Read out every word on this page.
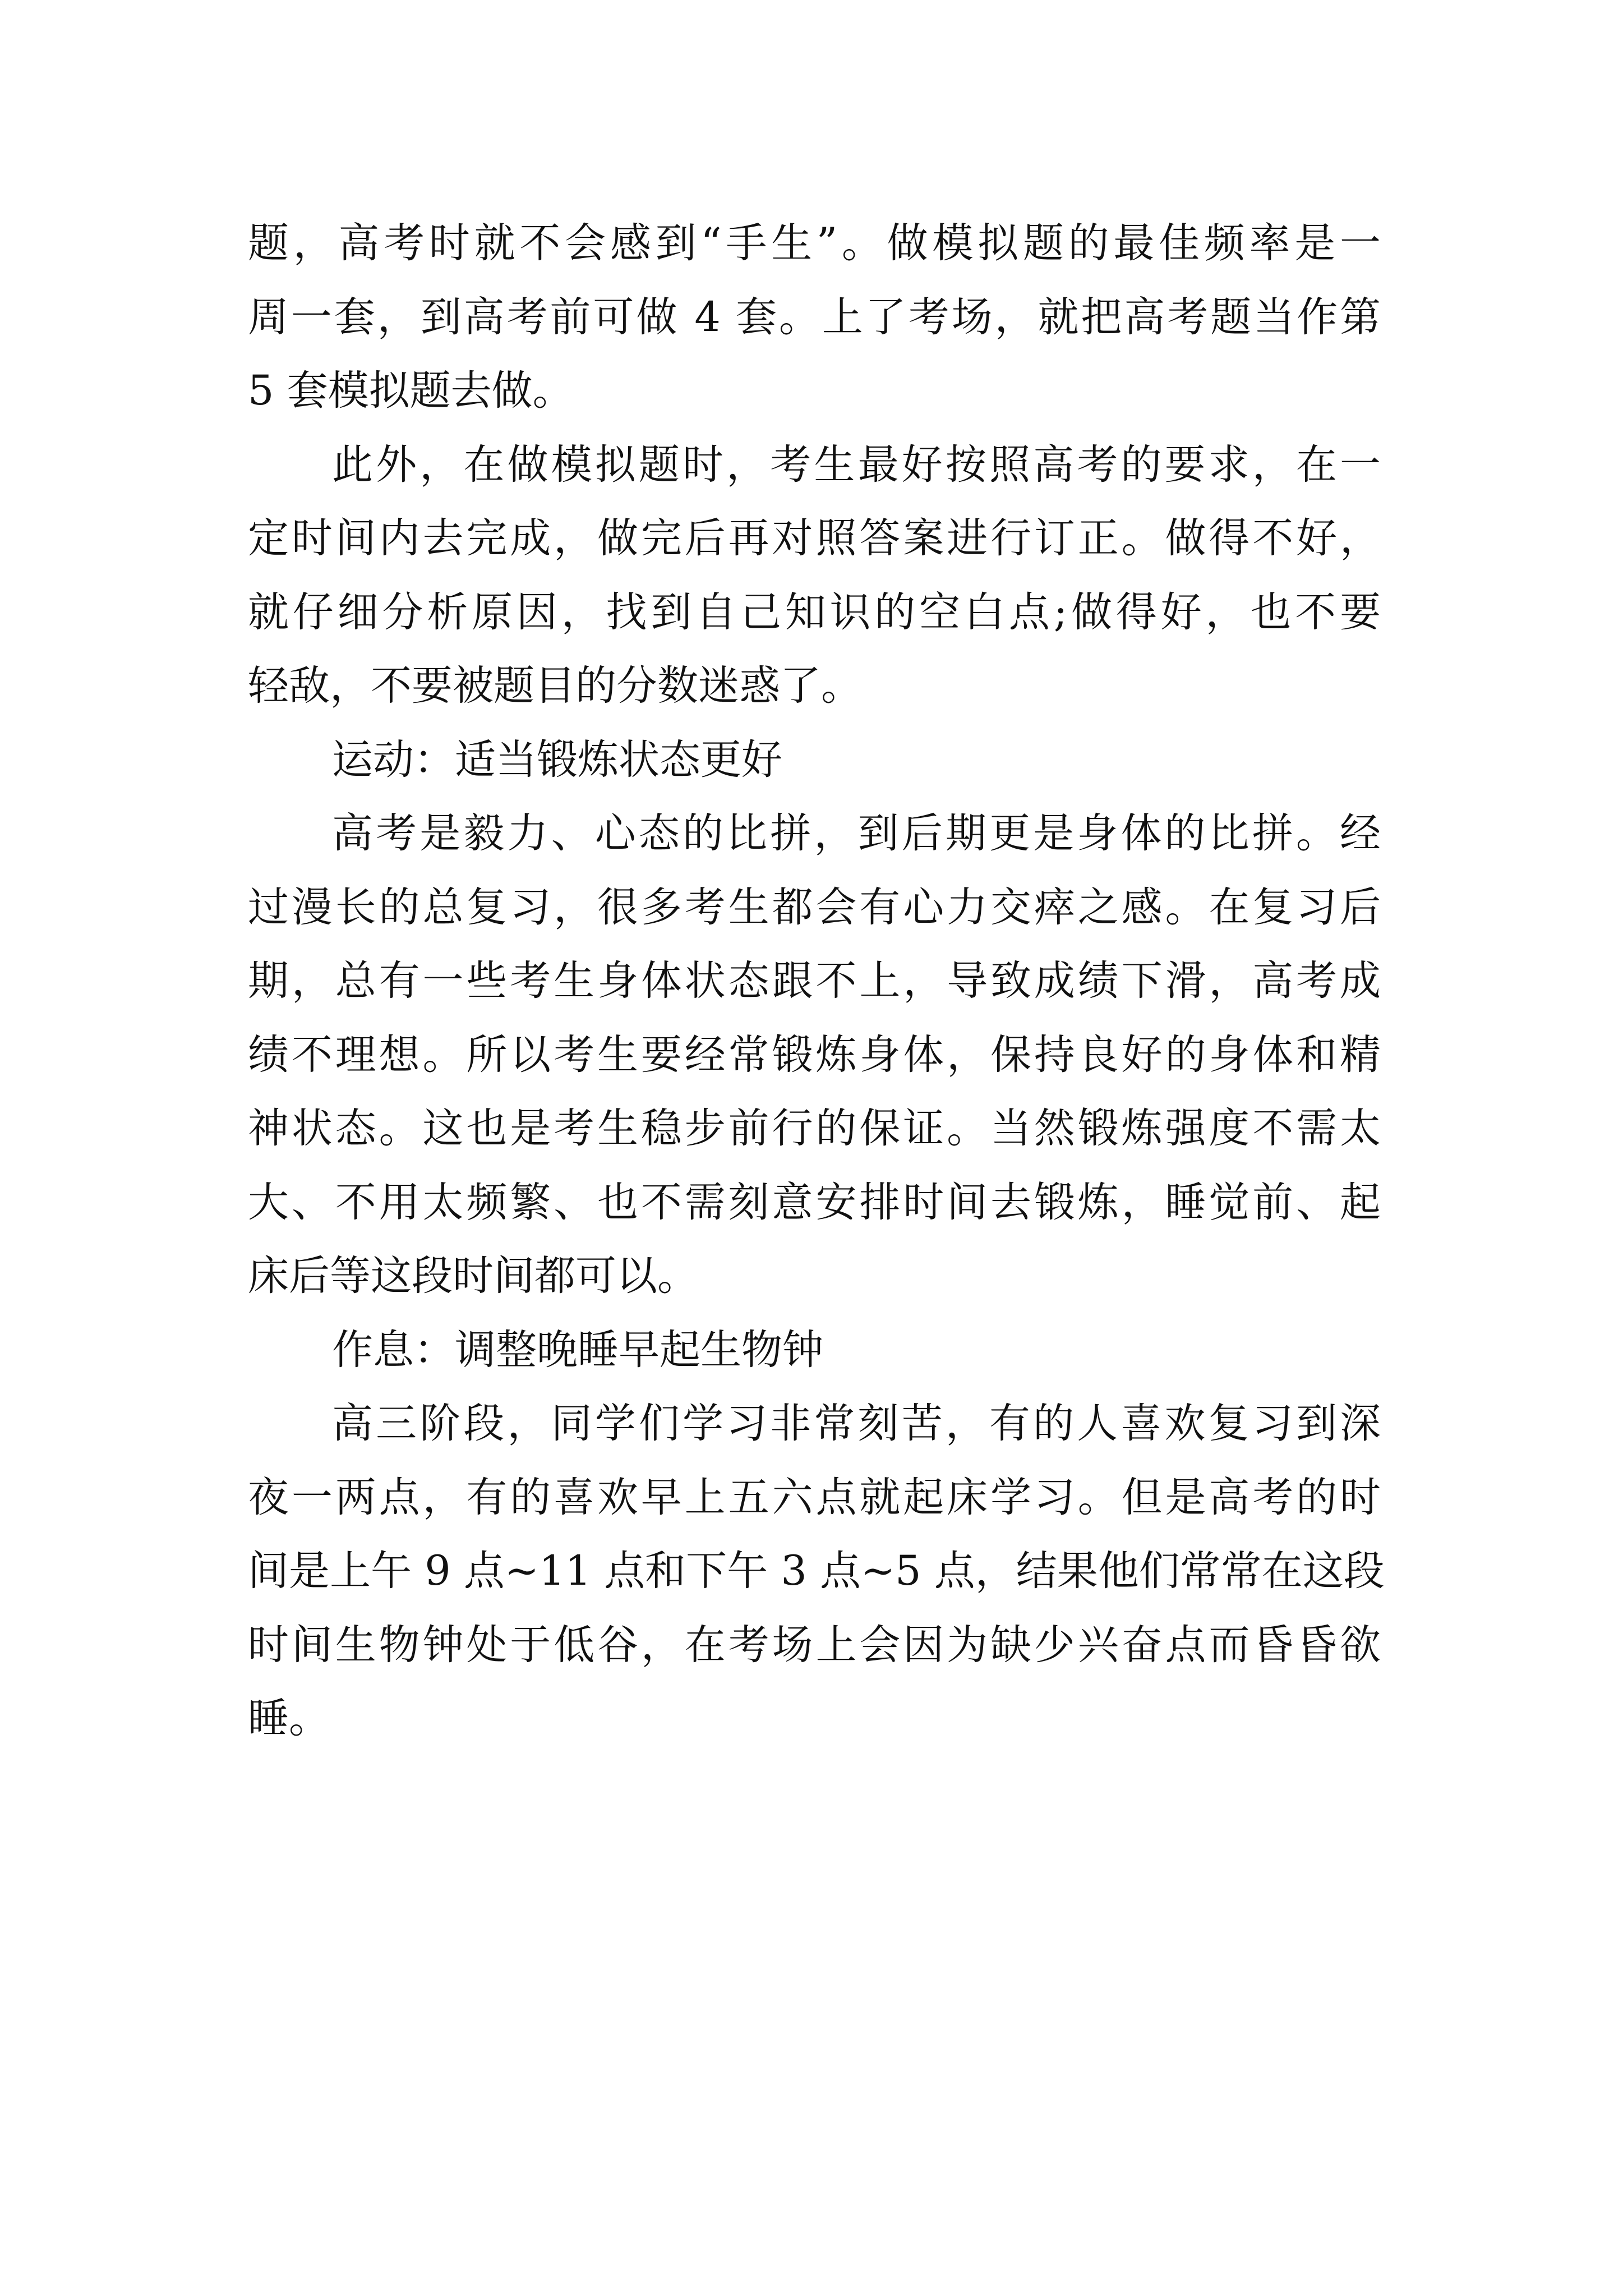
题，高考时就不会感到“手生”。做模拟题的最佳频率是一
周一套，到高考前可做 4 套。上了考场，就把高考题当作第
5 套模拟题去做。
此外，在做模拟题时，考生最好按照高考的要求，在一
定时间内去完成，做完后再对照答案进行订正。做得不好，
就仔细分析原因，找到自己知识的空白点;做得好，也不要
轻敌，不要被题目的分数迷惑了。
运动：适当锻炼状态更好
高考是毅力、心态的比拼，到后期更是身体的比拼。经
过漫长的总复习，很多考生都会有心力交瘁之感。在复习后
期，总有一些考生身体状态跟不上，导致成绩下滑，高考成
绩不理想。所以考生要经常锻炼身体，保持良好的身体和精
神状态。这也是考生稳步前行的保证。当然锻炼强度不需太
大、不用太频繁、也不需刻意安排时间去锻炼，睡觉前、起
床后等这段时间都可以。
作息：调整晚睡早起生物钟
高三阶段，同学们学习非常刻苦，有的人喜欢复习到深
夜一两点，有的喜欢早上五六点就起床学习。但是高考的时
间是上午 9 点~11 点和下午 3 点~5 点，结果他们常常在这段
时间生物钟处于低谷，在考场上会因为缺少兴奋点而昏昏欲
睡。
